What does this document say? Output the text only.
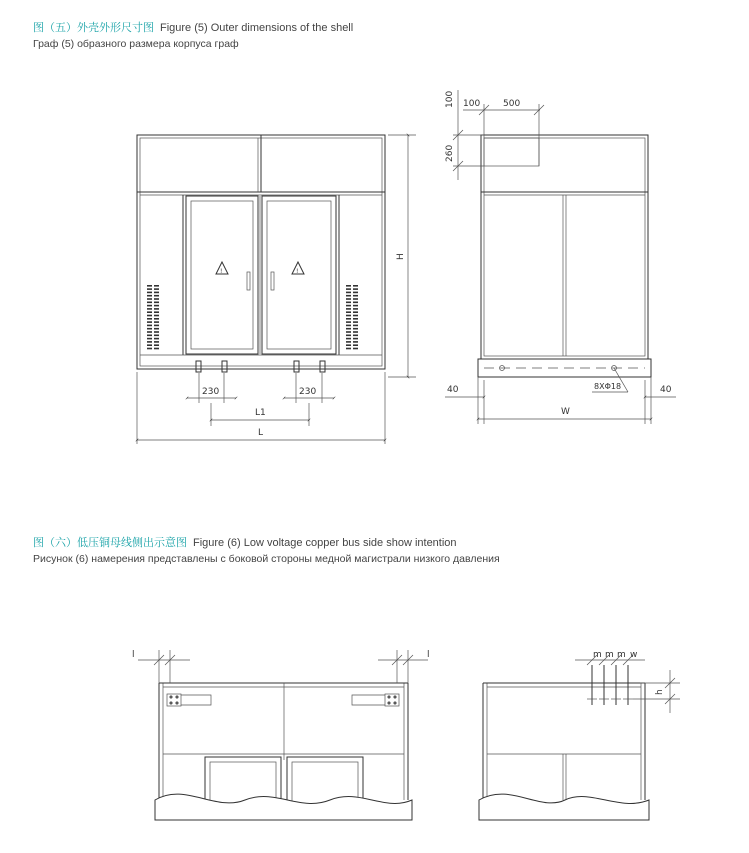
图（五）外壳外形尺寸图 Figure (5) Outer dimensions of the shell
Граф (5) образного размера корпуса граф
图（六）低压铜母线侧出示意图 Figure (6) Low voltage copper bus side show intention
Рисунок (6) намерения представлены с боковой стороны медной магистрали низкого давления
!	!
230	230
L1
L
H
100	500
100
260
40	40
W
8XΦ18
l	l	m m m w
h
